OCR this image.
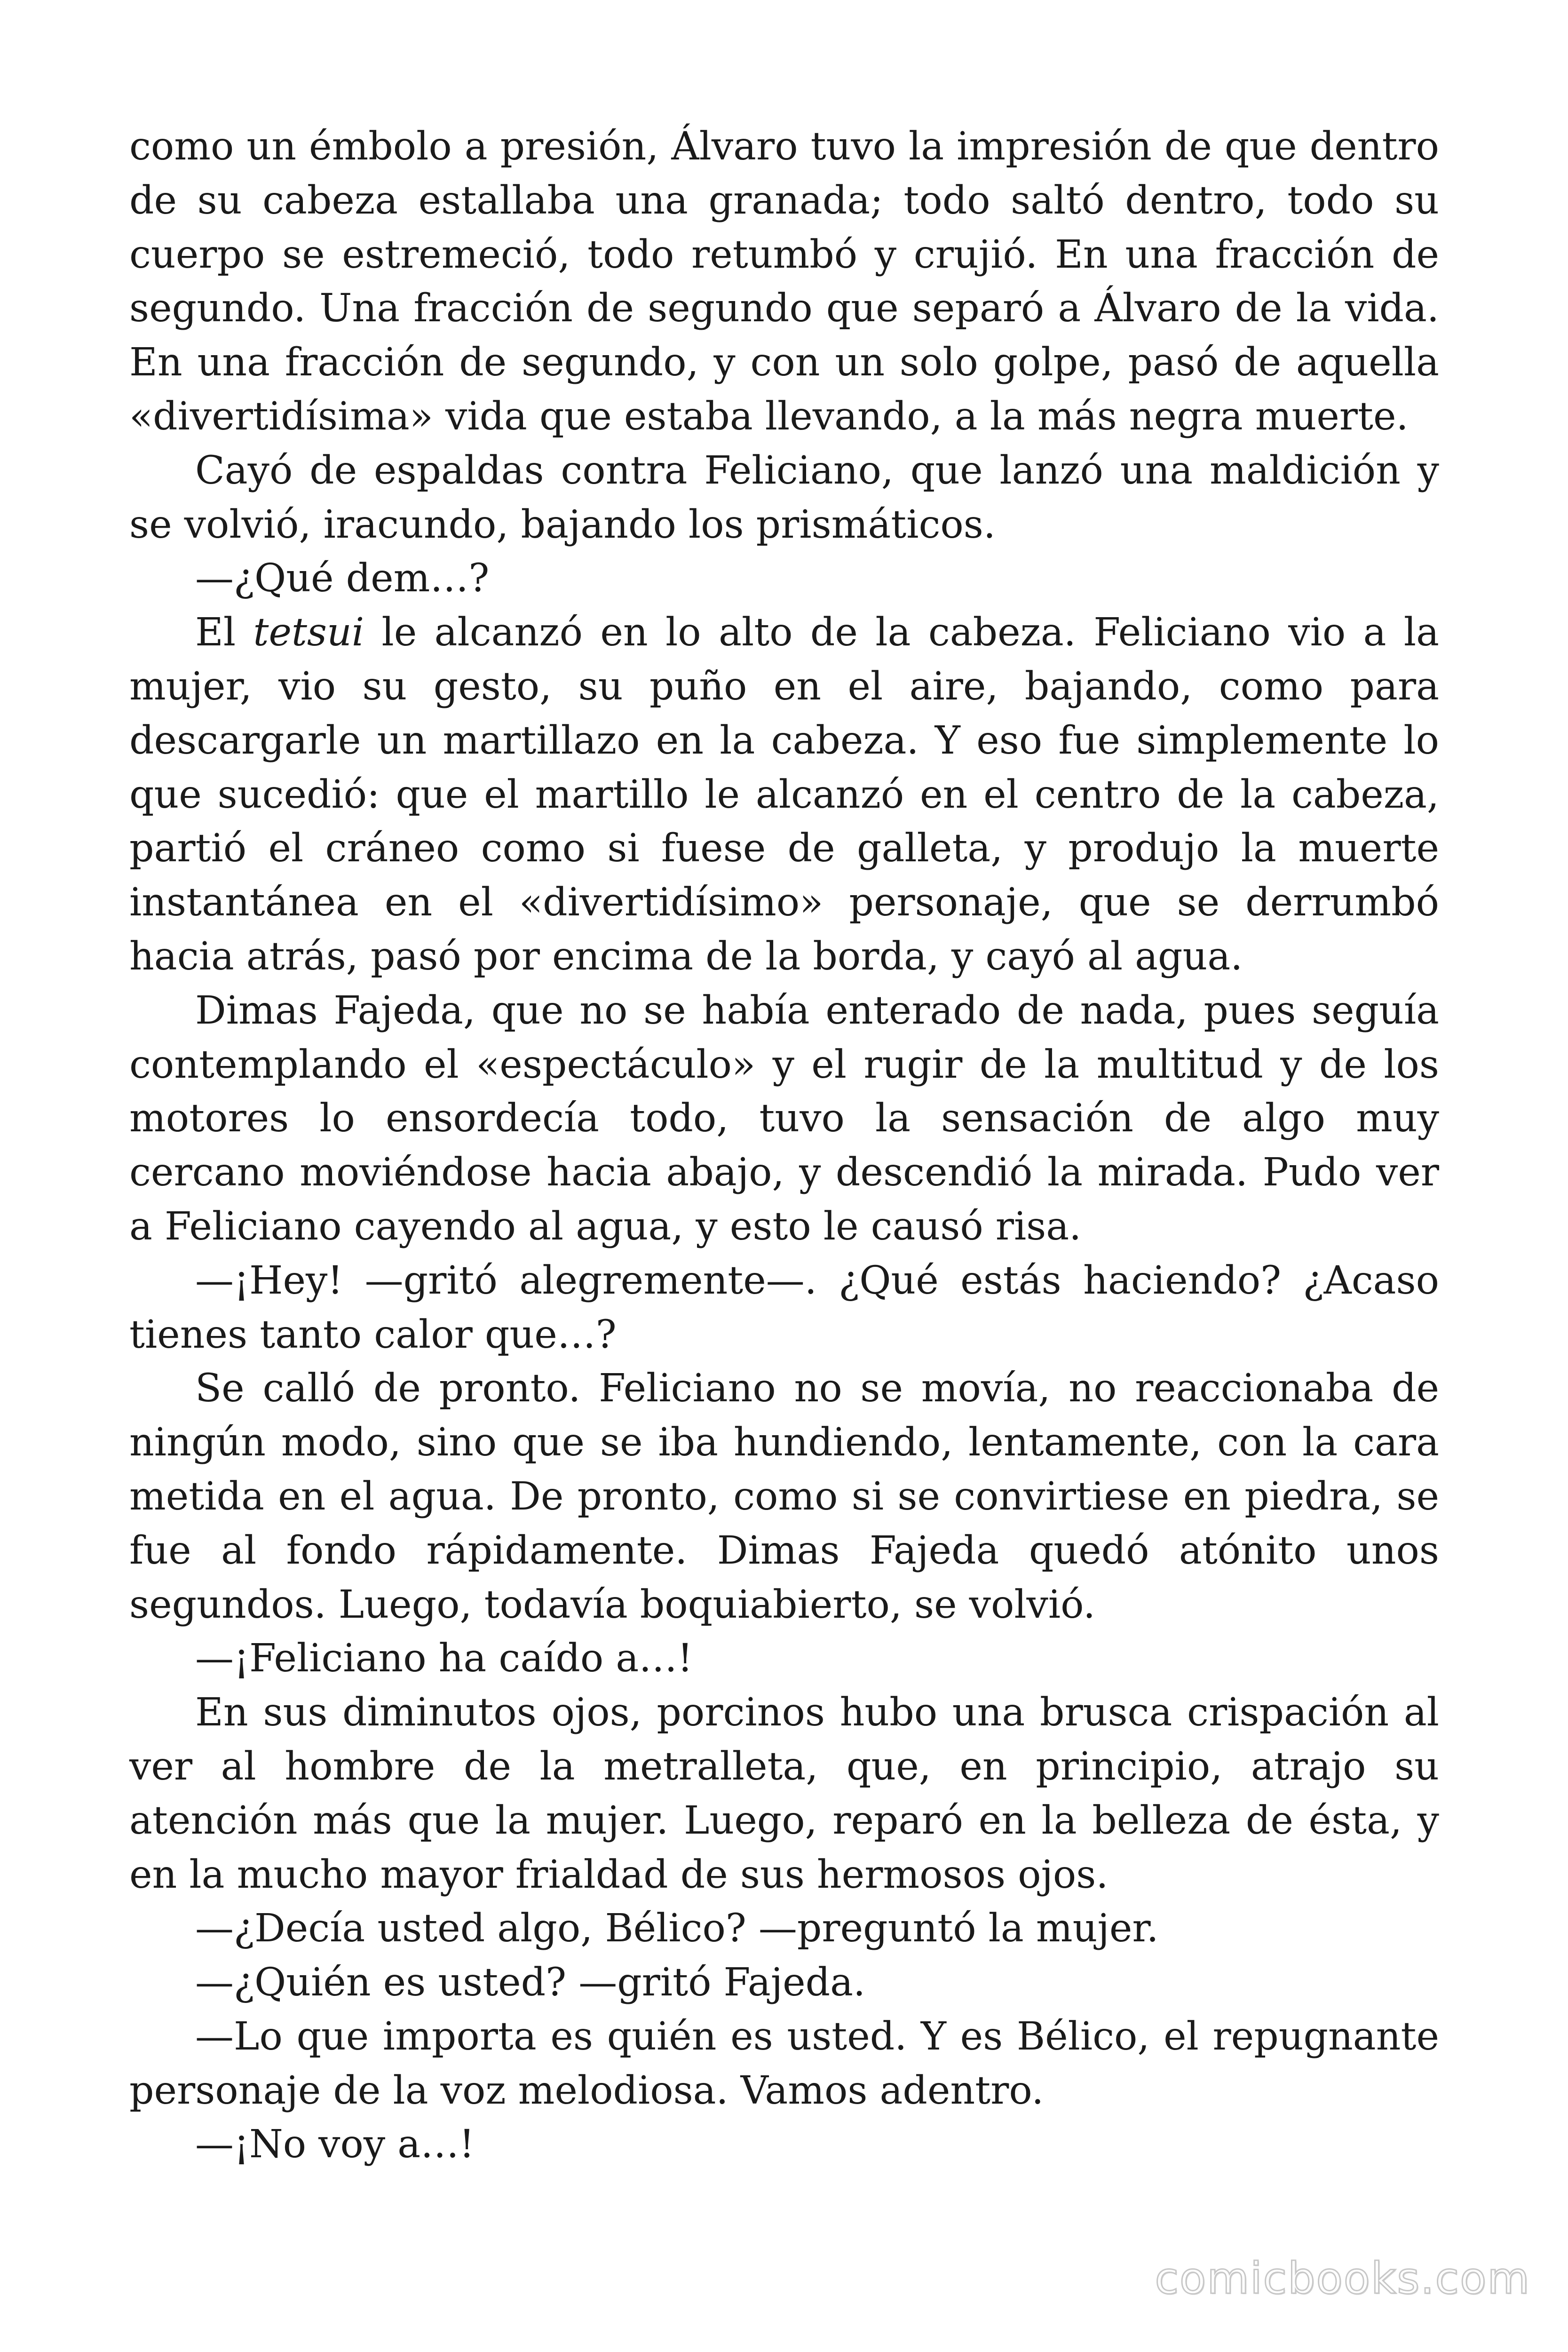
como un émbolo a presión, Álvaro tuvo la impresión de que dentro de su cabeza estallaba una granada; todo saltó dentro, todo su cuerpo se estremeció, todo retumbó y crujió. En una fracción de segundo. Una fracción de segundo que separó a Álvaro de la vida. En una fracción de segundo, y con un solo golpe, pasó de aquella «divertidísima» vida que estaba llevando, a la más negra muerte.

Cayó de espaldas contra Feliciano, que lanzó una maldición y se volvió, iracundo, bajando los prismáticos.

—¿Qué dem…?

El tetsui le alcanzó en lo alto de la cabeza. Feliciano vio a la mujer, vio su gesto, su puño en el aire, bajando, como para descargarle un martillazo en la cabeza. Y eso fue simplemente lo que sucedió: que el martillo le alcanzó en el centro de la cabeza, partió el cráneo como si fuese de galleta, y produjo la muerte instantánea en el «divertidísimo» personaje, que se derrumbó hacia atrás, pasó por encima de la borda, y cayó al agua.

Dimas Fajeda, que no se había enterado de nada, pues seguía contemplando el «espectáculo» y el rugir de la multitud y de los motores lo ensordecía todo, tuvo la sensación de algo muy cercano moviéndose hacia abajo, y descendió la mirada. Pudo ver a Feliciano cayendo al agua, y esto le causó risa.

—¡Hey! —gritó alegremente—. ¿Qué estás haciendo? ¿Acaso tienes tanto calor que…?

Se calló de pronto. Feliciano no se movía, no reaccionaba de ningún modo, sino que se iba hundiendo, lentamente, con la cara metida en el agua. De pronto, como si se convirtiese en piedra, se fue al fondo rápidamente. Dimas Fajeda quedó atónito unos segundos. Luego, todavía boquiabierto, se volvió.

—¡Feliciano ha caído a…!

En sus diminutos ojos, porcinos hubo una brusca crispación al ver al hombre de la metralleta, que, en principio, atrajo su atención más que la mujer. Luego, reparó en la belleza de ésta, y en la mucho mayor frialdad de sus hermosos ojos.

—¿Decía usted algo, Bélico? —preguntó la mujer.

—¿Quién es usted? —gritó Fajeda.

—Lo que importa es quién es usted. Y es Bélico, el repugnante personaje de la voz melodiosa. Vamos adentro.

—¡No voy a…!

comicbooks.com
